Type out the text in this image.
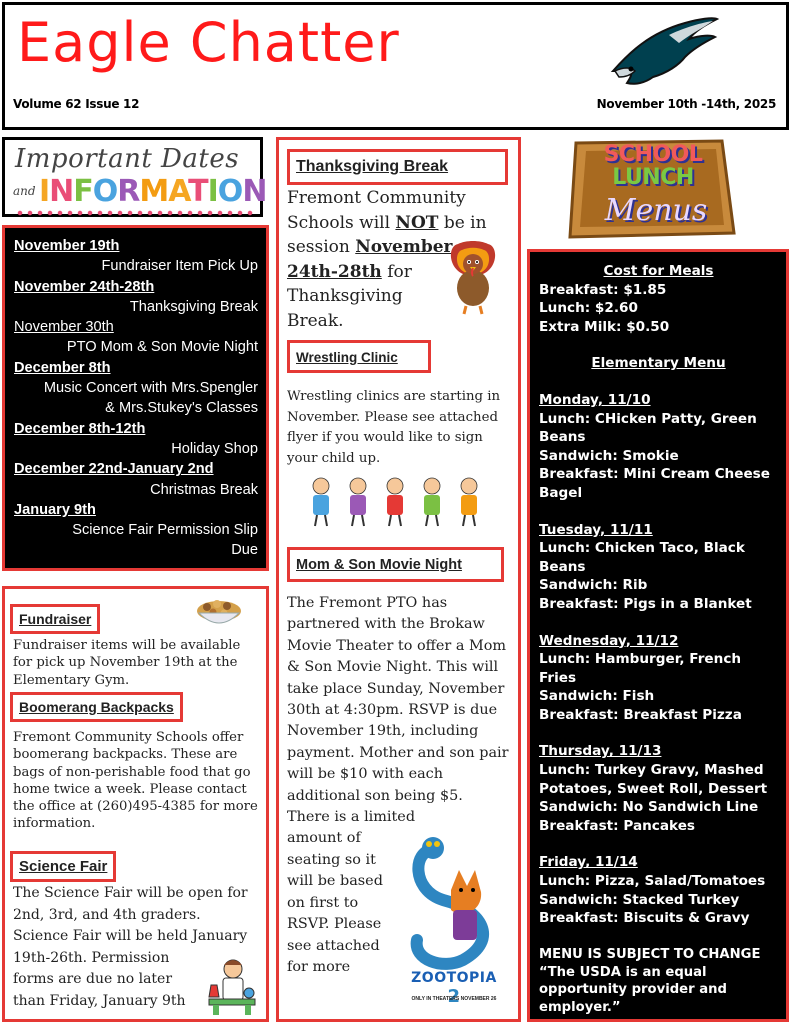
Eagle Chatter
Volume 62 Issue 12	November 10th -14th, 2025
Important Dates
and INFORMATION
November 19th
Fundraiser Item Pick Up
November 24th-28th
Thanksgiving Break
November 30th
PTO Mom & Son Movie Night
December 8th
Music Concert with Mrs.Spengler
& Mrs.Stukey's Classes
December 8th-12th
Holiday Shop
December 22nd-January 2nd
Christmas Break
January 9th
Science Fair Permission Slip
Due
Fundraiser
Fundraiser items will be available
for pick up November 19th at the
Elementary Gym.
Boomerang Backpacks
Fremont Community Schools offer
boomerang backpacks. These are
bags of non-perishable food that go
home twice a week. Please contact
the office at (260)495-4385 for more
information.
Science Fair
The Science Fair will be open for
2nd, 3rd, and 4th graders.
Science Fair will be held January
19th-26th. Permission
forms are due no later
than Friday, January 9th
Thanksgiving Break
Fremont Community
Schools will NOT be in
session November
24th-28th for
Thanksgiving
Break.
Wrestling Clinic
Wrestling clinics are starting in
November. Please see attached
flyer if you would like to sign
your child up.
Mom & Son Movie Night
The Fremont PTO has
partnered with the Brokaw
Movie Theater to offer a Mom
& Son Movie Night. This will
take place Sunday, November
30th at 4:30pm. RSVP is due
November 19th, including
payment. Mother and son pair
will be $10 with each
additional son being $5.
There is a limited
amount of
seating so it
will be based
on first to
RSVP. Please
see attached
for more
ZOOTOPIA 2
ONLY IN THEATERS NOVEMBER 26
SCHOOL
LUNCH
Menus
Cost for Meals
Breakfast: $1.85
Lunch: $2.60
Extra Milk: $0.50
Elementary Menu
Monday, 11/10
Lunch: CHicken Patty, Green
Beans
Sandwich: Smokie
Breakfast: Mini Cream Cheese
Bagel
Tuesday, 11/11
Lunch: Chicken Taco, Black
Beans
Sandwich: Rib
Breakfast: Pigs in a Blanket
Wednesday, 11/12
Lunch: Hamburger, French
Fries
Sandwich: Fish
Breakfast: Breakfast Pizza
Thursday, 11/13
Lunch: Turkey Gravy, Mashed
Potatoes, Sweet Roll, Dessert
Sandwich: No Sandwich Line
Breakfast: Pancakes
Friday, 11/14
Lunch: Pizza, Salad/Tomatoes
Sandwich: Stacked Turkey
Breakfast: Biscuits & Gravy
MENU IS SUBJECT TO CHANGE
“The USDA is an equal
opportunity provider and
employer.”
